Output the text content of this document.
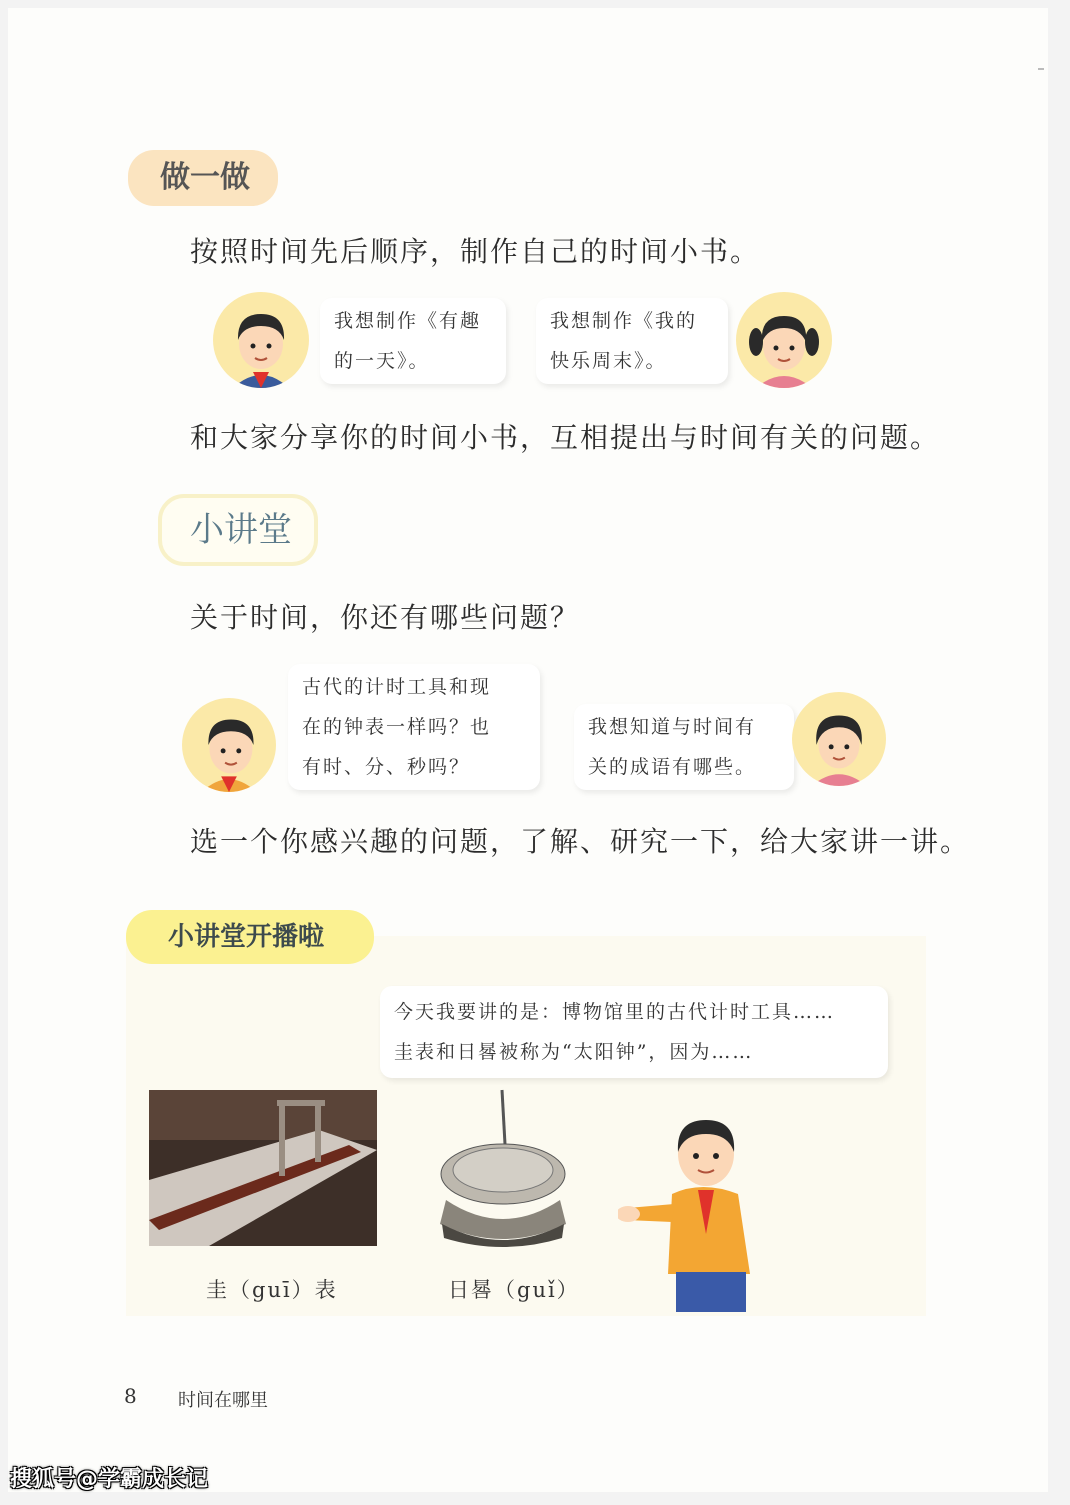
做一做
按照时间先后顺序，制作自己的时间小书。
我想制作《有趣
的一天》。
我想制作《我的
快乐周末》。
和大家分享你的时间小书，互相提出与时间有关的问题。
小讲堂
关于时间，你还有哪些问题？
古代的计时工具和现
在的钟表一样吗？也
有时、分、秒吗？
我想知道与时间有
关的成语有哪些。
选一个你感兴趣的问题，了解、研究一下，给大家讲一讲。
小讲堂开播啦
今天我要讲的是：博物馆里的古代计时工具……
圭表和日晷被称为“太阳钟”，因为……
圭（guī）表	日晷（guǐ）
8 时间在哪里
搜狐号@学霸成长记
